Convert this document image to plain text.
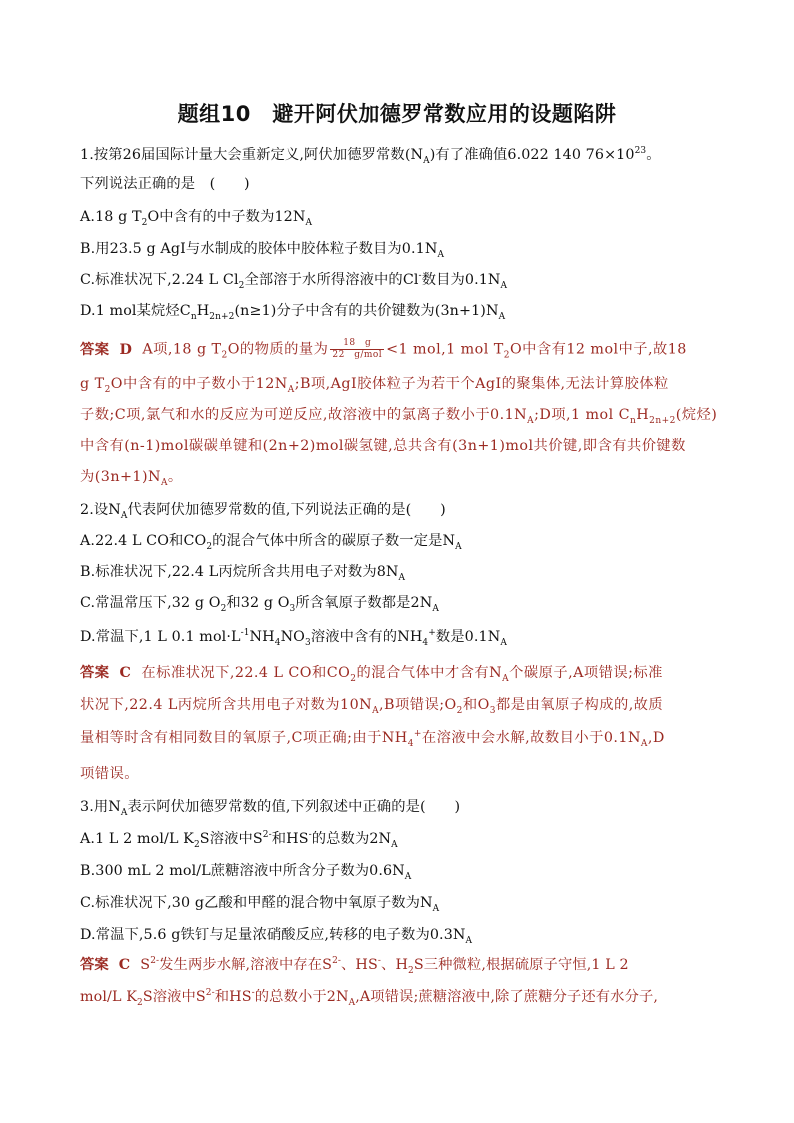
题组10　避开阿伏加德罗常数应用的设题陷阱
1.按第26届国际计量大会重新定义,阿伏加德罗常数$(N_A)$有了准确值6.022 140 $76\times 10^{23}$。
下列说法正确的是　(　　)
A.18 g $T_2O$中含有的中子数为$12N_A$
B.用23.5 g AgI与水制成的胶体中胶体粒子数目为$0.1N_A$
C.标准状况下,2.24 L $Cl_2$全部溶于水所得溶液中的Cl-数目为$0.1N_A$
D.1 mol某烷烃$C_nH_{2n+2}(n\ge 1)$分子中含有的共价键数为$(3n+1)N_A$
答案 D A项,18 g $T_2O$的物质的量为 $\frac{18 g}{\text{22　g/mol}} <1$ mol,1 mol $T_2O$中含有12 mol中子,故18
g $T_2O$中含有的中子数小于$12N_A;B$项,AgI胶体粒子为若干个AgI的聚集体,无法计算胶体粒
子数;C项,氯气和水的反应为可逆反应,故溶液中的氯离子数小于$0.1N_A;D$项,1 mol $C_nH_{2n+2}$(烷烃)
中含有(n-1)mol碳碳单键和(2n+2)mol碳氢键,总共含有(3n+1)mol共价键,即含有共价键数
为$(3n+1)N_A$。
2.设$N_A$代表阿伏加德罗常数的值,下列说法正确的是(　　)
A.22.4 L CO和$CO_2$的混合气体中所含的碳原子数一定是$N_A$
B.标准状况下,22.4 L丙烷所含共用电子对数为$8N_A$
C.常温常压下,32 g $O_2$和32 g $O_3$所含氧原子数都是$2N_A$
D.常温下,1 L 0.1 $mol\cdot L^{-1}NH_4NO_3$溶液中含有的$NH_4^+$数是$0.1N_A$
答案 C 在标准状况下,22.4 L CO和$CO_2$的混合气体中才含有$N_A$个碳原子,A项错误;标准
状况下,22.4 L丙烷所含共用电子对数为$10N_A,B$项错误$;O_2$和$O_3$都是由氧原子构成的,故质
量相等时含有相同数目的氧原子,C项正确;由于$NH_4^+$在溶液中会水解,故数目小于$0.1N_A,D$
项错误。
3.用$N_A$表示阿伏加德罗常数的值,下列叙述中正确的是(　　)
A.1 L 2 mol/L $K_2S$溶液中$S^{2-}$和HS-的总数为$2N_A$
B.300 mL 2 mol/L蔗糖溶液中所含分子数为$0.6N_A$
C.标准状况下,30 g乙酸和甲醛的混合物中氧原子数为$N_A$
D.常温下,5.6 g铁钉与足量浓硝酸反应,转移的电子数为$0.3N_A$
答案 C $S^{2-}$发生两步水解,溶液中存在$S^{2-}$、HS-、$H_2S$三种微粒,根据硫原子守恒,1 L 2
mol/L $K_2S$溶液中$S^{2-}$和HS-的总数小于$2N_A,A$项错误;蔗糖溶液中,除了蔗糖分子还有水分子,
